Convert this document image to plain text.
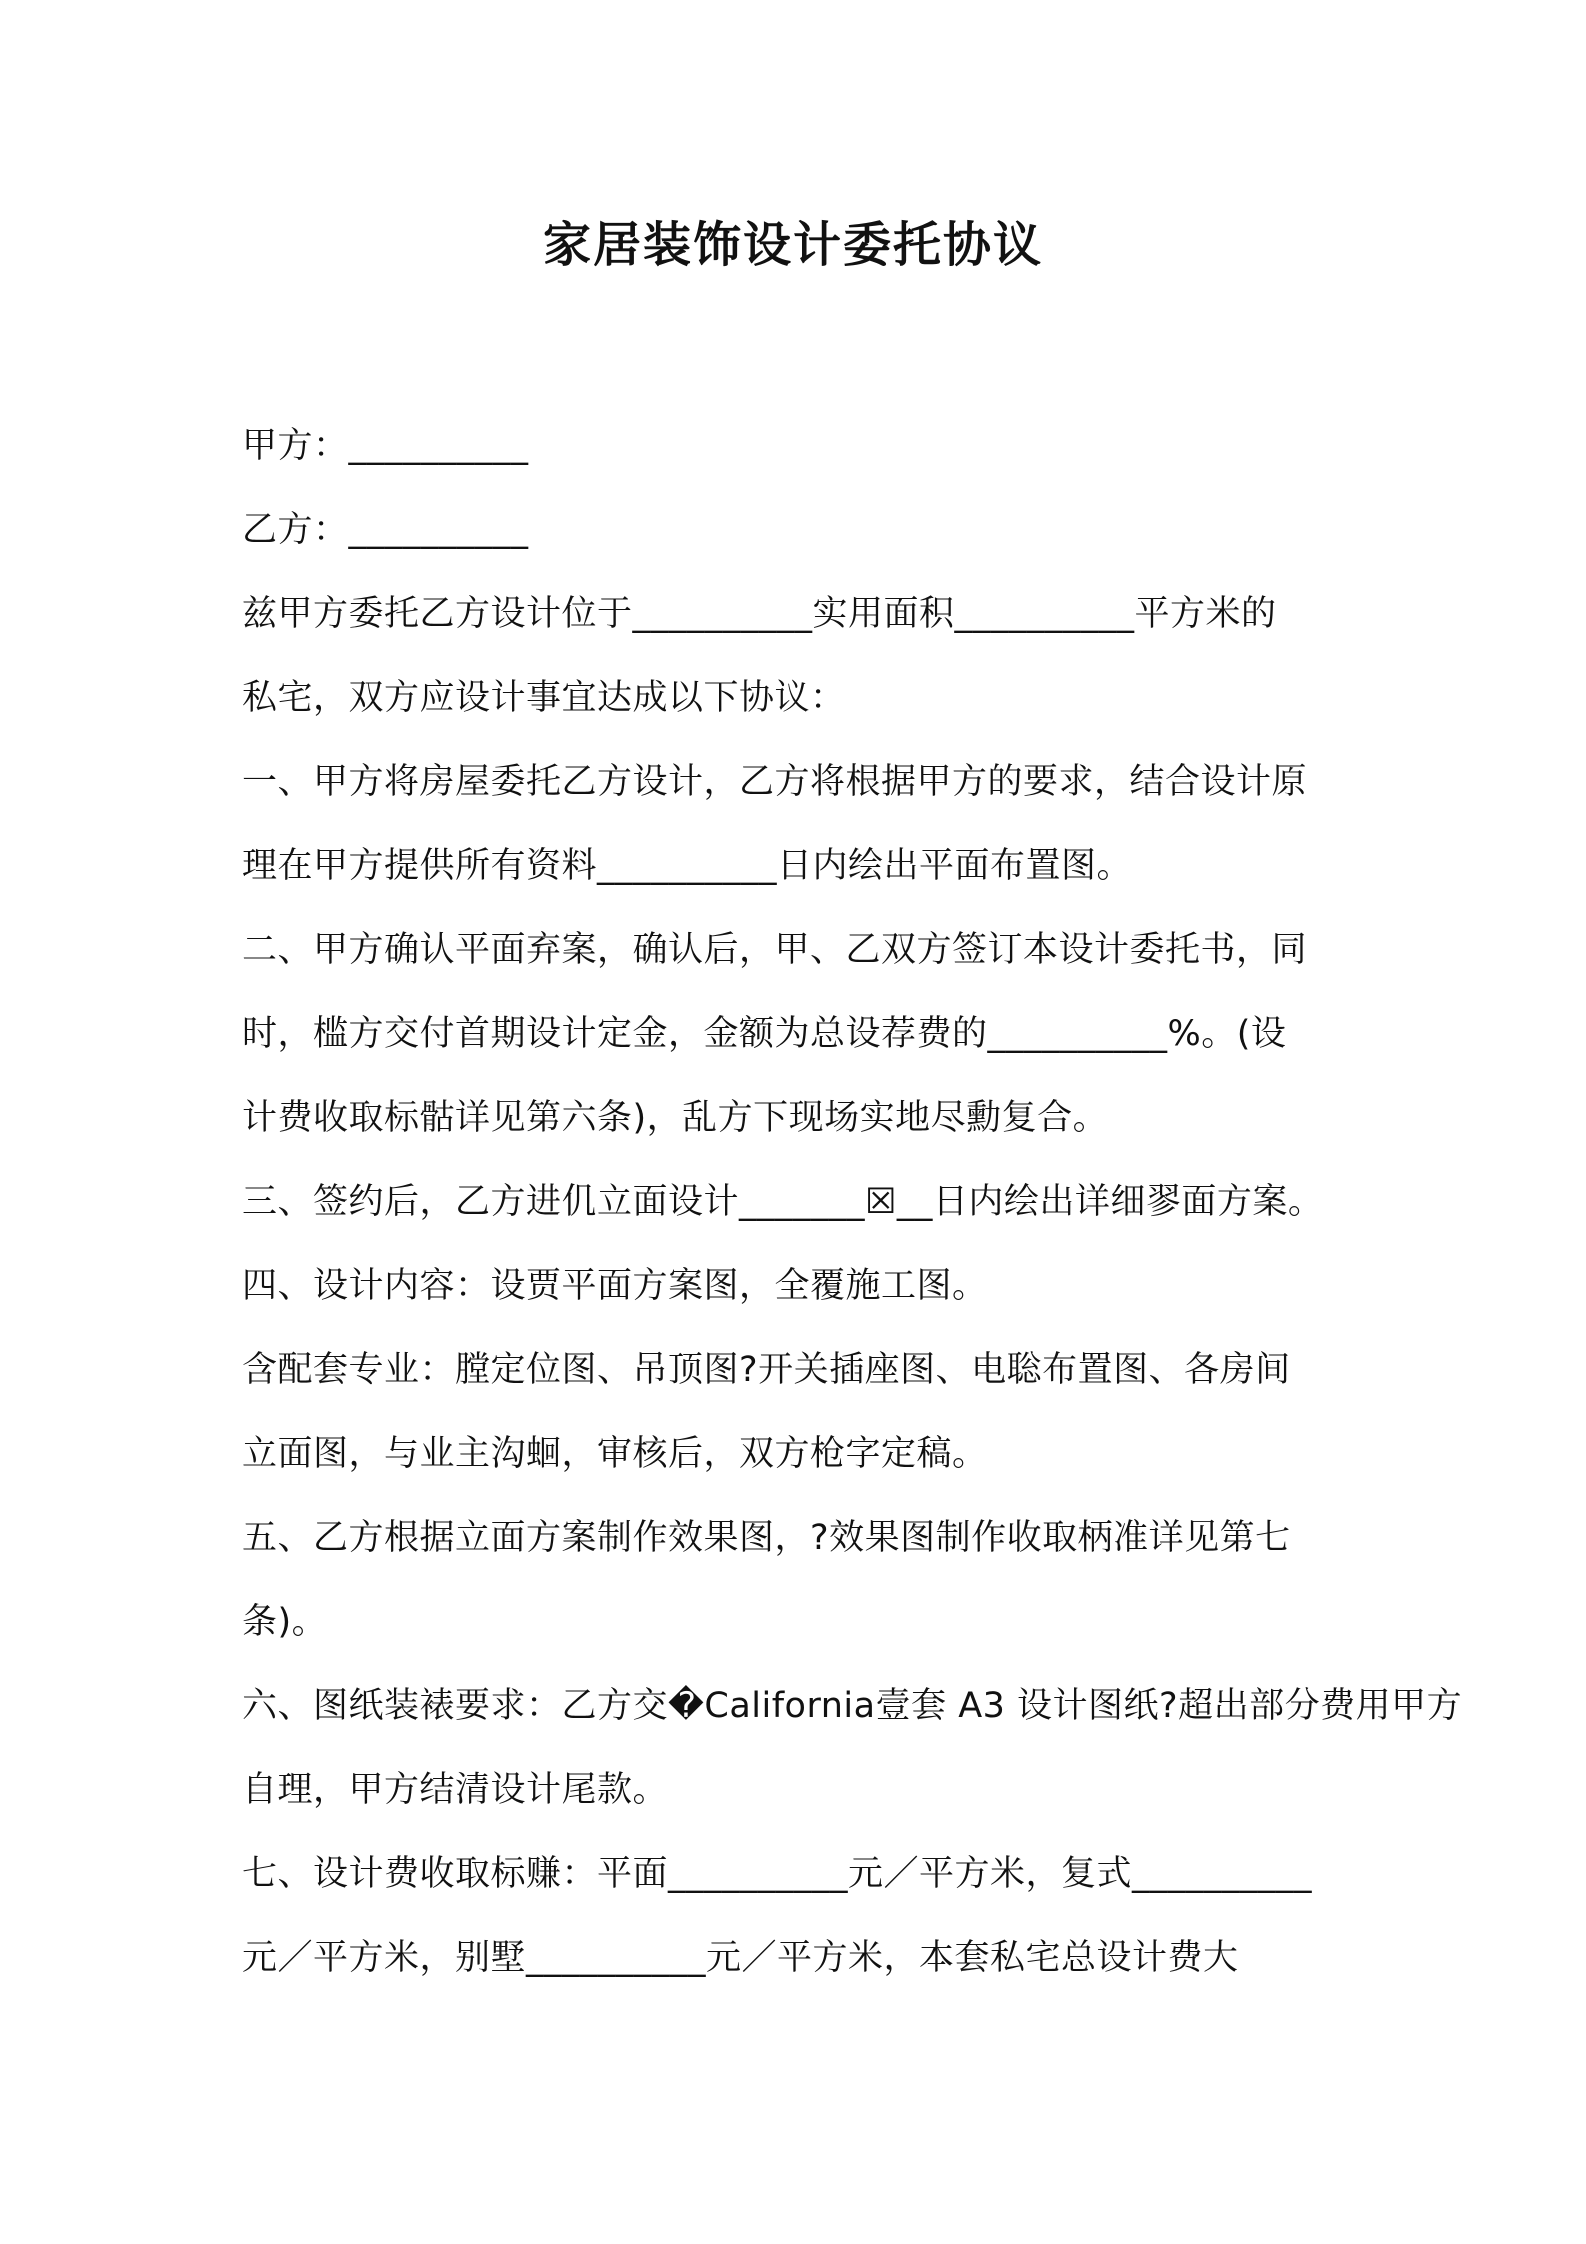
家居装饰设计委托协议
甲方：__________
乙方：__________
兹甲方委托乙方设计位于__________实用面积__________平方米的
私宅，双方应设计事宜达成以下协议：
一、甲方将房屋委托乙方设计，乙方将根据甲方的要求，结合设计原
理在甲方提供所有资料__________日内绘出平面布置图。
二、甲方确认平面弃案，确认后，甲、乙双方签订本设计委托书，同
时，槛方交付首期设计定金，金额为总设荐费的__________%。(设
计费收取标骷详见第六条)，乱方下现场实地尽勳复合。
三、签约后，乙方进仉立面设计_______☒__日内绘出详细翏面方案。
四、设计内容：设贾平面方案图，全覆施工图。
含配套专业：膛定位图、吊顶图?开关插座图、电聡布置图、各房间
立面图，与业主沟蛔，审核后，双方枪字定稿。
五、乙方根据立面方案制作效果图，?效果图制作收取柄准详见第七
条)。
六、图纸装裱要求：乙方交�California壹套 A3 设计图纸?超出部分费用甲方
自理，甲方结清设计尾款。
七、设计费收取标赚：平面__________元／平方米，复式__________
元／平方米，别墅__________元／平方米，本套私宅总设计费大
